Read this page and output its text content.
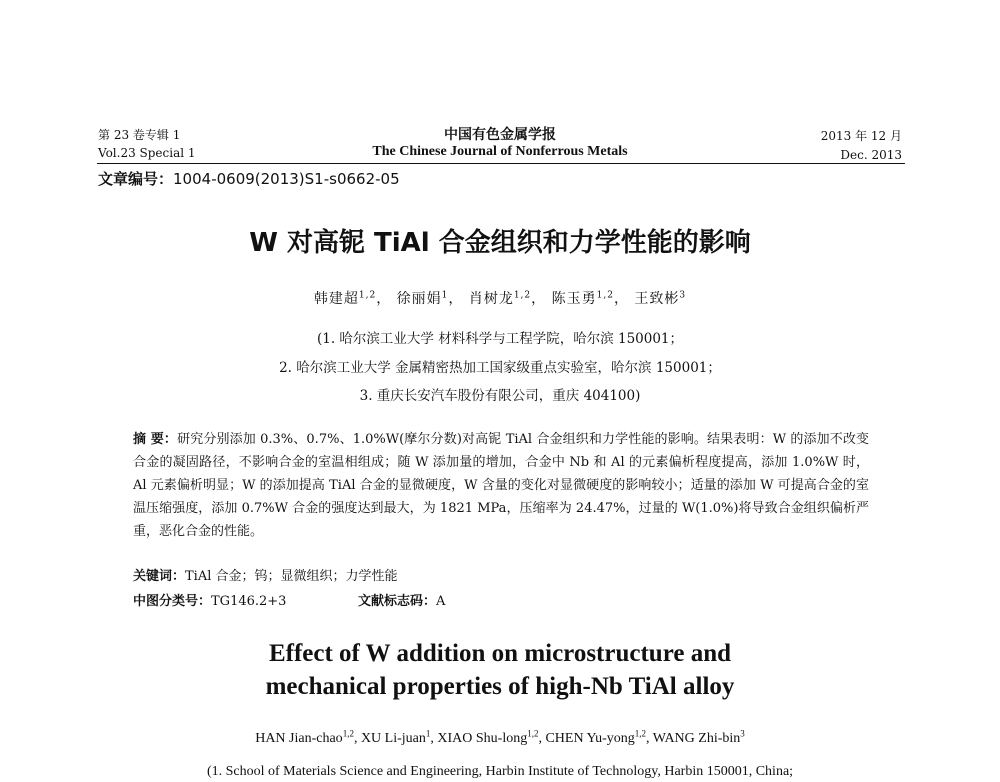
第 23 卷专辑 1	中国有色金属学报	2013 年 12 月
Vol.23 Special 1	The Chinese Journal of Nonferrous Metals	Dec. 2013
文章编号：1004-0609(2013)S1-s0662-05
W 对高铌 TiAl 合金组织和力学性能的影响
韩建超$^{1,2}$， 徐丽娟$^1$， 肖树龙$^{1,2}$， 陈玉勇$^{1,2}$， 王致彬$^3$
(1. 哈尔滨工业大学 材料科学与工程学院，哈尔滨 150001；
2. 哈尔滨工业大学 金属精密热加工国家级重点实验室，哈尔滨 150001；
3. 重庆长安汽车股份有限公司，重庆 404100)
摘 要：研究分别添加 0.3%、0.7%、1.0%W(摩尔分数)对高铌 TiAl 合金组织和力学性能的影响。结果表明：W 的添加不改变合金的凝固路径，不影响合金的室温相组成；随 W 添加量的增加，合金中 Nb 和 Al 的元素偏析程度提高，添加 1.0%W 时，Al 元素偏析明显；W 的添加提高 TiAl 合金的显微硬度，W 含量的变化对显微硬度的影响较小；适量的添加 W 可提高合金的室温压缩强度，添加 0.7%W 合金的强度达到最大，为 1821 MPa，压缩率为 24.47%，过量的 W(1.0%)将导致合金组织偏析严重，恶化合金的性能。
关键词：TiAl 合金；钨；显微组织；力学性能
中图分类号：TG146.2+3	文献标志码：A
Effect of W addition on microstructure and
mechanical properties of high-Nb TiAl alloy
HAN Jian-chao$^{1,2}$, XU Li-juan$^1$, XIAO Shu-long$^{1,2}$, CHEN Yu-yong$^{1,2}$, WANG Zhi-bin$^3$
(1. School of Materials Science and Engineering, Harbin Institute of Technology, Harbin 150001, China;
